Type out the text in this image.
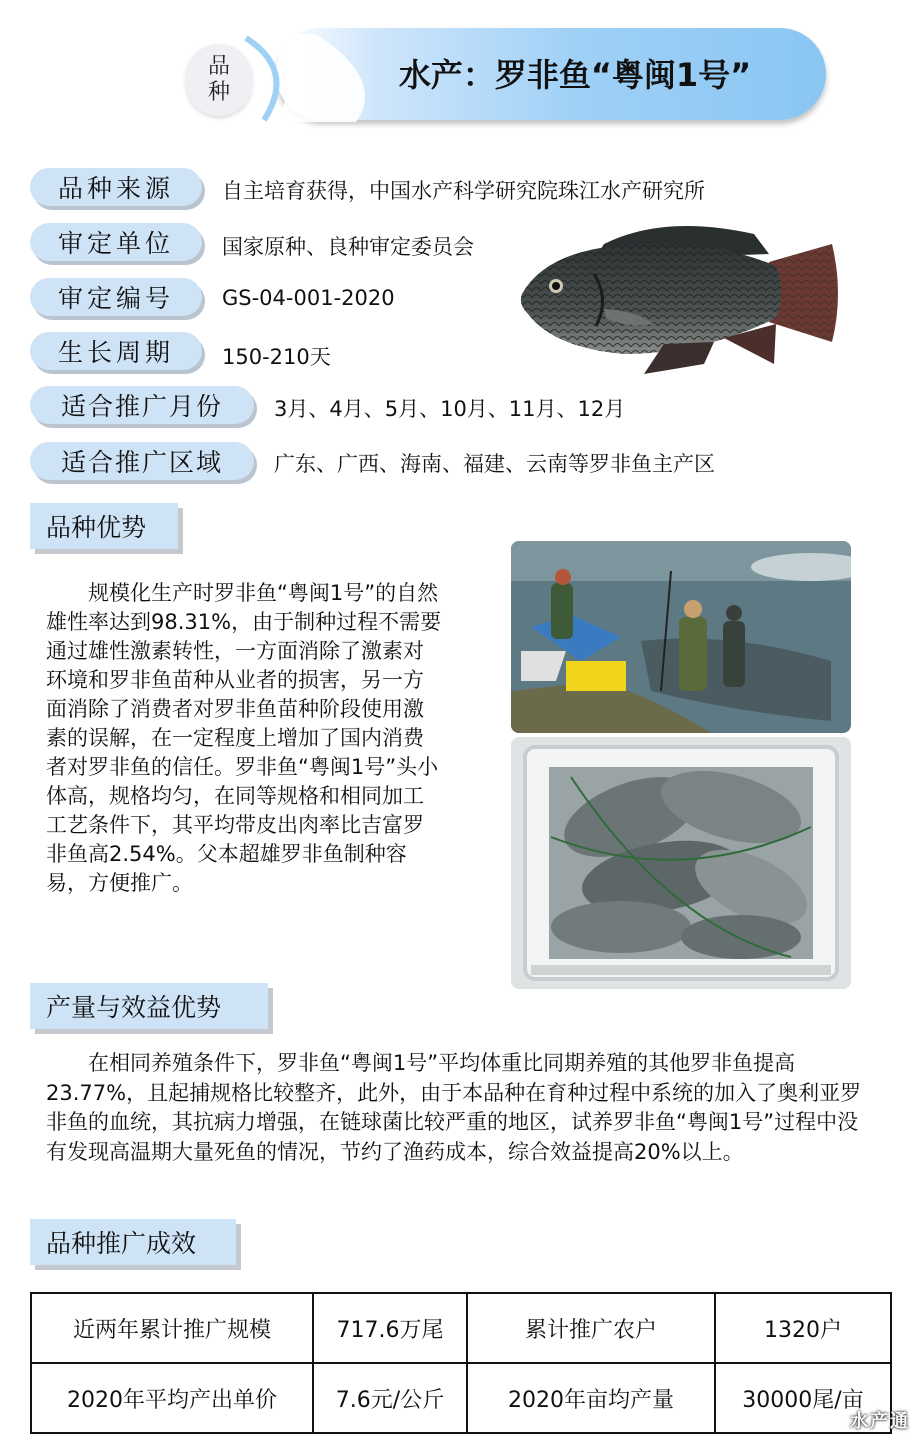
品
种	水产：罗非鱼“粤闽1号”
品种来源	自主培育获得，中国水产科学研究院珠江水产研究所
审定单位	国家原种、良种审定委员会
审定编号	GS-04-001-2020
生长周期	150-210天
适合推广月份	3月、4月、5月、10月、11月、12月
适合推广区域	广东、广西、海南、福建、云南等罗非鱼主产区
品种优势

规模化生产时罗非鱼“粤闽1号”的自然雄性率达到98.31%，由于制种过程不需要通过雄性激素转性，一方面消除了激素对环境和罗非鱼苗种从业者的损害，另一方面消除了消费者对罗非鱼苗种阶段使用激素的误解，在一定程度上增加了国内消费者对罗非鱼的信任。罗非鱼“粤闽1号”头小体高，规格均匀，在同等规格和相同加工工艺条件下，其平均带皮出肉率比吉富罗非鱼高2.54%。父本超雄罗非鱼制种容易，方便推广。

产量与效益优势

在相同养殖条件下，罗非鱼“粤闽1号”平均体重比同期养殖的其他罗非鱼提高23.77%，且起捕规格比较整齐，此外，由于本品种在育种过程中系统的加入了奥利亚罗非鱼的血统，其抗病力增强，在链球菌比较严重的地区，试养罗非鱼“粤闽1号”过程中没有发现高温期大量死鱼的情况，节约了渔药成本，综合效益提高20%以上。

品种推广成效
近两年累计推广规模	717.6万尾	累计推广农户	1320户
2020年平均产出单价	7.6元/公斤	2020年亩均产量	30000尾/亩
水产通
